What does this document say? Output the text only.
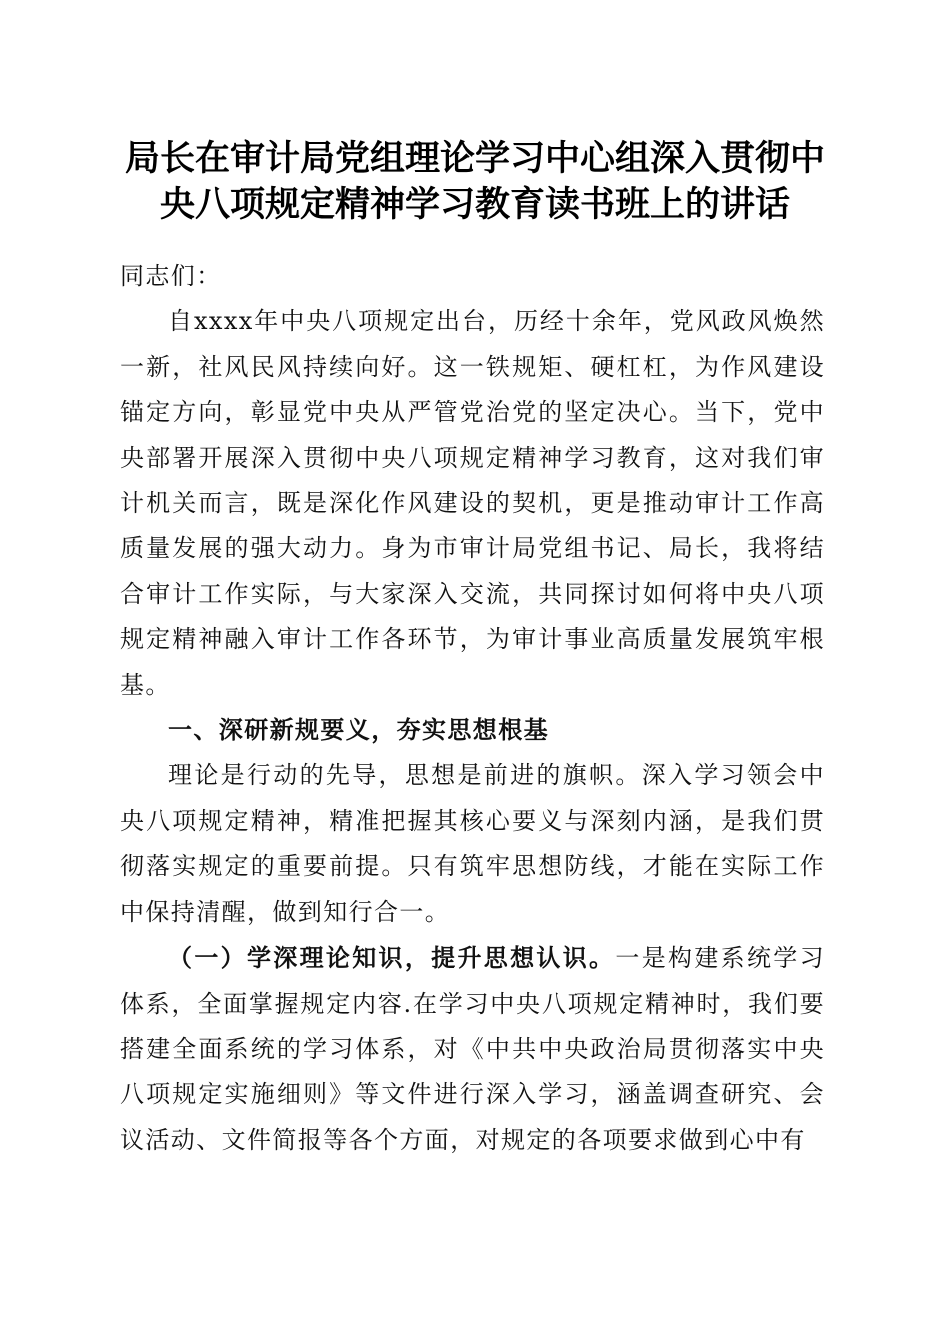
局长在审计局党组理论学习中心组深入贯彻中
央八项规定精神学习教育读书班上的讲话

同志们：

自xxxx年中央八项规定出台，历经十余年，党风政风焕然一新，社风民风持续向好。这一铁规矩、硬杠杠，为作风建设锚定方向，彰显党中央从严管党治党的坚定决心。当下，党中央部署开展深入贯彻中央八项规定精神学习教育，这对我们审计机关而言，既是深化作风建设的契机，更是推动审计工作高质量发展的强大动力。身为市审计局党组书记、局长，我将结合审计工作实际，与大家深入交流，共同探讨如何将中央八项规定精神融入审计工作各环节，为审计事业高质量发展筑牢根基。

一、深研新规要义，夯实思想根基

理论是行动的先导，思想是前进的旗帜。深入学习领会中央八项规定精神，精准把握其核心要义与深刻内涵，是我们贯彻落实规定的重要前提。只有筑牢思想防线，才能在实际工作中保持清醒，做到知行合一。

（一）学深理论知识，提升思想认识。一是构建系统学习体系，全面掌握规定内容.在学习中央八项规定精神时，我们要搭建全面系统的学习体系，对《中共中央政治局贯彻落实中央八项规定实施细则》等文件进行深入学习，涵盖调查研究、会议活动、文件简报等各个方面，对规定的各项要求做到心中有
